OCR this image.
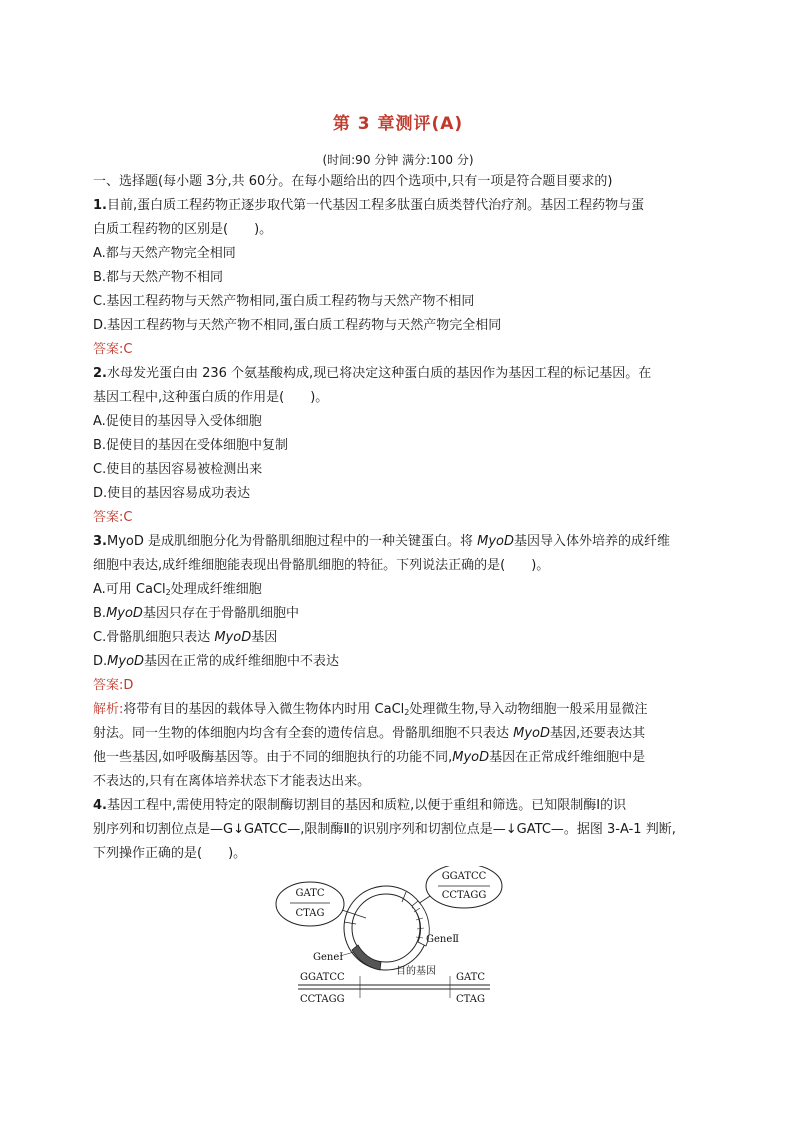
第 3 章测评(A)
(时间:90 分钟 满分:100 分)
一、选择题(每小题 3分,共 60分。在每小题给出的四个选项中,只有一项是符合题目要求的)
1.目前,蛋白质工程药物正逐步取代第一代基因工程多肽蛋白质类替代治疗剂。基因工程药物与蛋
白质工程药物的区别是(　　)。
A.都与天然产物完全相同
B.都与天然产物不相同
C.基因工程药物与天然产物相同,蛋白质工程药物与天然产物不相同
D.基因工程药物与天然产物不相同,蛋白质工程药物与天然产物完全相同
答案:C
2.水母发光蛋白由 236 个氨基酸构成,现已将决定这种蛋白质的基因作为基因工程的标记基因。在
基因工程中,这种蛋白质的作用是(　　)。
A.促使目的基因导入受体细胞
B.促使目的基因在受体细胞中复制
C.使目的基因容易被检测出来
D.使目的基因容易成功表达
答案:C
3.MyoD 是成肌细胞分化为骨骼肌细胞过程中的一种关键蛋白。将 MyoD基因导入体外培养的成纤维
细胞中表达,成纤维细胞能表现出骨骼肌细胞的特征。下列说法正确的是(　　)。
A.可用 CaCl$_2$处理成纤维细胞
B.MyoD基因只存在于骨骼肌细胞中
C.骨骼肌细胞只表达 MyoD基因
D.MyoD基因在正常的成纤维细胞中不表达
答案:D
解析:将带有目的基因的载体导入微生物体内时用 CaCl$_2$处理微生物,导入动物细胞一般采用显微注
射法。同一生物的体细胞内均含有全套的遗传信息。骨骼肌细胞不只表达 MyoD基因,还要表达其
他一些基因,如呼吸酶基因等。由于不同的细胞执行的功能不同,MyoD基因在正常成纤维细胞中是
不表达的,只有在离体培养状态下才能表达出来。
4.基因工程中,需使用特定的限制酶切割目的基因和质粒,以便于重组和筛选。已知限制酶Ⅰ的识
别序列和切割位点是—G↓GATCC—,限制酶Ⅱ的识别序列和切割位点是—↓GATC—。据图 3-A-1 判断,
下列操作正确的是(　　)。
GATC
CTAG
GGATCC
CCTAGG
GeneⅠ
GeneⅡ
目的基因
GGATCC	GATC
CCTAGG	CTAG
